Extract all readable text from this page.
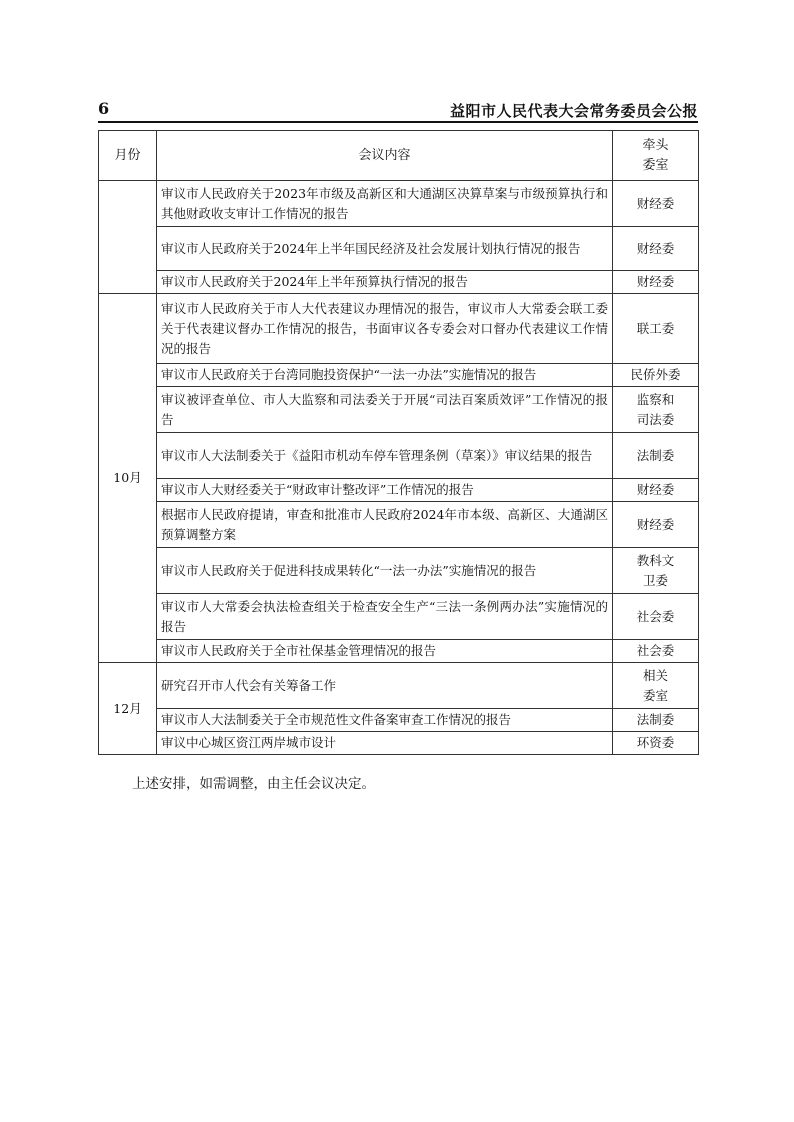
6	益阳市人民代表大会常务委员会公报
月份	会议内容	牵头
委室
	审议市人民政府关于2023年市级及高新区和大通湖区决算草案与市级预算执行和其他财政收支审计工作情况的报告	财经委
	审议市人民政府关于2024年上半年国民经济及社会发展计划执行情况的报告	财经委
	审议市人民政府关于2024年上半年预算执行情况的报告	财经委
10月	审议市人民政府关于市人大代表建议办理情况的报告，审议市人大常委会联工委关于代表建议督办工作情况的报告，书面审议各专委会对口督办代表建议工作情况的报告	联工委
	审议市人民政府关于台湾同胞投资保护“一法一办法”实施情况的报告	民侨外委
	审议被评查单位、市人大监察和司法委关于开展“司法百案质效评”工作情况的报告	监察和
司法委
	审议市人大法制委关于《益阳市机动车停车管理条例（草案）》审议结果的报告	法制委
	审议市人大财经委关于“财政审计整改评”工作情况的报告	财经委
	根据市人民政府提请，审查和批准市人民政府2024年市本级、高新区、大通湖区预算调整方案	财经委
	审议市人民政府关于促进科技成果转化“一法一办法”实施情况的报告	教科文
卫委
	审议市人大常委会执法检查组关于检查安全生产“三法一条例两办法”实施情况的报告	社会委
	审议市人民政府关于全市社保基金管理情况的报告	社会委
12月	研究召开市人代会有关筹备工作	相关
委室
	审议市人大法制委关于全市规范性文件备案审查工作情况的报告	法制委
	审议中心城区资江两岸城市设计	环资委
上述安排，如需调整，由主任会议决定。
